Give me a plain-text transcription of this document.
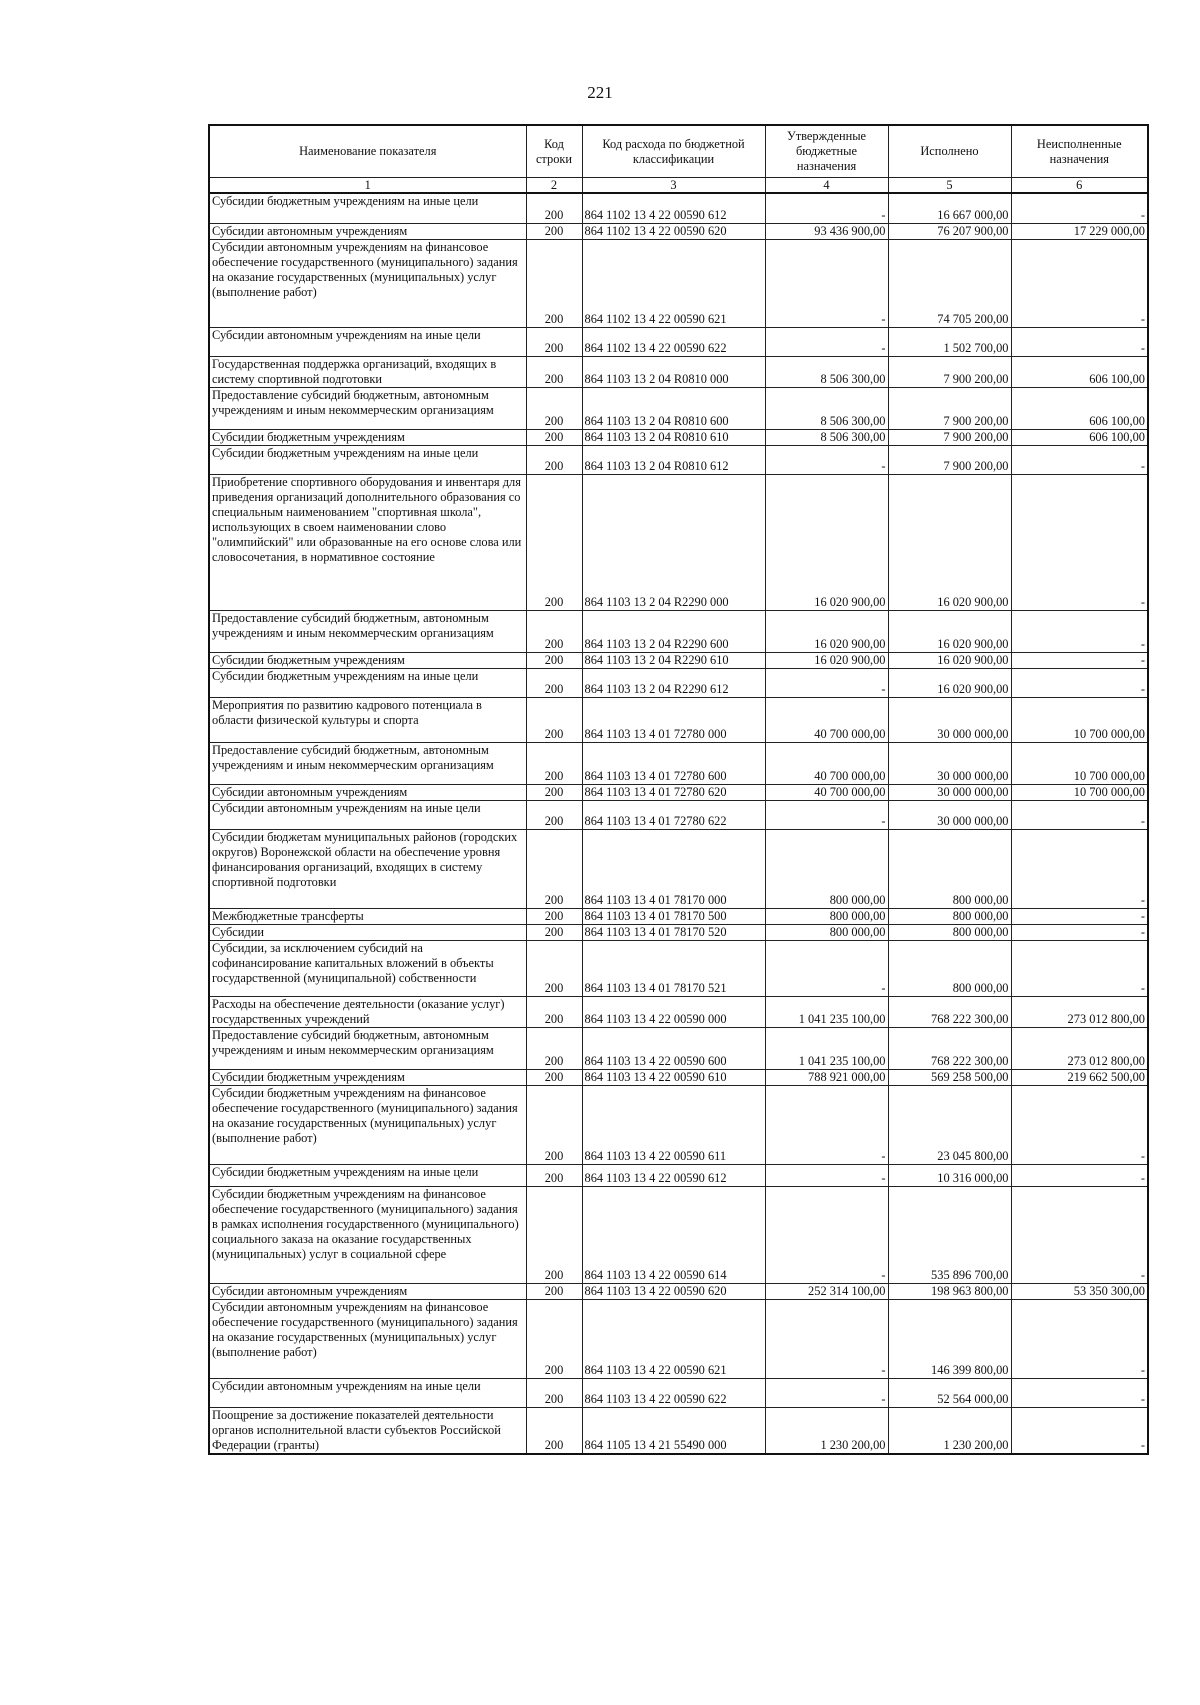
221
Наименование показателя	Код строки	Код расхода по бюджетной классификации	Утвержденные бюджетные назначения	Исполнено	Неисполненные назначения
1	2	3	4	5	6
Субсидии бюджетным учреждениям на иные цели	200	864 1102 13 4 22 00590 612	-	16 667 000,00	-
Субсидии автономным учреждениям	200	864 1102 13 4 22 00590 620	93 436 900,00	76 207 900,00	17 229 000,00
Субсидии автономным учреждениям на финансовое обеспечение государственного (муниципального) задания на оказание государственных (муниципальных) услуг (выполнение работ)	200	864 1102 13 4 22 00590 621	-	74 705 200,00	-
Субсидии автономным учреждениям на иные цели	200	864 1102 13 4 22 00590 622	-	1 502 700,00	-
Государственная поддержка организаций, входящих в систему спортивной подготовки	200	864 1103 13 2 04 R0810 000	8 506 300,00	7 900 200,00	606 100,00
Предоставление субсидий бюджетным, автономным учреждениям и иным некоммерческим организациям	200	864 1103 13 2 04 R0810 600	8 506 300,00	7 900 200,00	606 100,00
Субсидии бюджетным учреждениям	200	864 1103 13 2 04 R0810 610	8 506 300,00	7 900 200,00	606 100,00
Субсидии бюджетным учреждениям на иные цели	200	864 1103 13 2 04 R0810 612	-	7 900 200,00	-
Приобретение спортивного оборудования и инвентаря для приведения организаций дополнительного образования со специальным наименованием "спортивная школа", использующих в своем наименовании слово "олимпийский" или образованные на его основе слова или словосочетания, в нормативное состояние	200	864 1103 13 2 04 R2290 000	16 020 900,00	16 020 900,00	-
Предоставление субсидий бюджетным, автономным учреждениям и иным некоммерческим организациям	200	864 1103 13 2 04 R2290 600	16 020 900,00	16 020 900,00	-
Субсидии бюджетным учреждениям	200	864 1103 13 2 04 R2290 610	16 020 900,00	16 020 900,00	-
Субсидии бюджетным учреждениям на иные цели	200	864 1103 13 2 04 R2290 612	-	16 020 900,00	-
Мероприятия по развитию кадрового потенциала в области физической культуры и спорта	200	864 1103 13 4 01 72780 000	40 700 000,00	30 000 000,00	10 700 000,00
Предоставление субсидий бюджетным, автономным учреждениям и иным некоммерческим организациям	200	864 1103 13 4 01 72780 600	40 700 000,00	30 000 000,00	10 700 000,00
Субсидии автономным учреждениям	200	864 1103 13 4 01 72780 620	40 700 000,00	30 000 000,00	10 700 000,00
Субсидии автономным учреждениям на иные цели	200	864 1103 13 4 01 72780 622	-	30 000 000,00	-
Субсидии бюджетам муниципальных районов (городских округов) Воронежской области на обеспечение уровня финансирования организаций, входящих в систему спортивной подготовки	200	864 1103 13 4 01 78170 000	800 000,00	800 000,00	-
Межбюджетные трансферты	200	864 1103 13 4 01 78170 500	800 000,00	800 000,00	-
Субсидии	200	864 1103 13 4 01 78170 520	800 000,00	800 000,00	-
Субсидии, за исключением субсидий на софинансирование капитальных вложений в объекты государственной (муниципальной) собственности	200	864 1103 13 4 01 78170 521	-	800 000,00	-
Расходы на обеспечение деятельности (оказание услуг) государственных учреждений	200	864 1103 13 4 22 00590 000	1 041 235 100,00	768 222 300,00	273 012 800,00
Предоставление субсидий бюджетным, автономным учреждениям и иным некоммерческим организациям	200	864 1103 13 4 22 00590 600	1 041 235 100,00	768 222 300,00	273 012 800,00
Субсидии бюджетным учреждениям	200	864 1103 13 4 22 00590 610	788 921 000,00	569 258 500,00	219 662 500,00
Субсидии бюджетным учреждениям на финансовое обеспечение государственного (муниципального) задания на оказание государственных (муниципальных) услуг (выполнение работ)	200	864 1103 13 4 22 00590 611	-	23 045 800,00	-
Субсидии бюджетным учреждениям на иные цели	200	864 1103 13 4 22 00590 612	-	10 316 000,00	-
Субсидии бюджетным учреждениям на финансовое обеспечение государственного (муниципального) задания в рамках исполнения государственного (муниципального) социального заказа на оказание государственных (муниципальных) услуг в социальной сфере	200	864 1103 13 4 22 00590 614	-	535 896 700,00	-
Субсидии автономным учреждениям	200	864 1103 13 4 22 00590 620	252 314 100,00	198 963 800,00	53 350 300,00
Субсидии автономным учреждениям на финансовое обеспечение государственного (муниципального) задания на оказание государственных (муниципальных) услуг (выполнение работ)	200	864 1103 13 4 22 00590 621	-	146 399 800,00	-
Субсидии автономным учреждениям на иные цели	200	864 1103 13 4 22 00590 622	-	52 564 000,00	-
Поощрение за достижение показателей деятельности органов исполнительной власти субъектов Российской Федерации (гранты)	200	864 1105 13 4 21 55490 000	1 230 200,00	1 230 200,00	-
